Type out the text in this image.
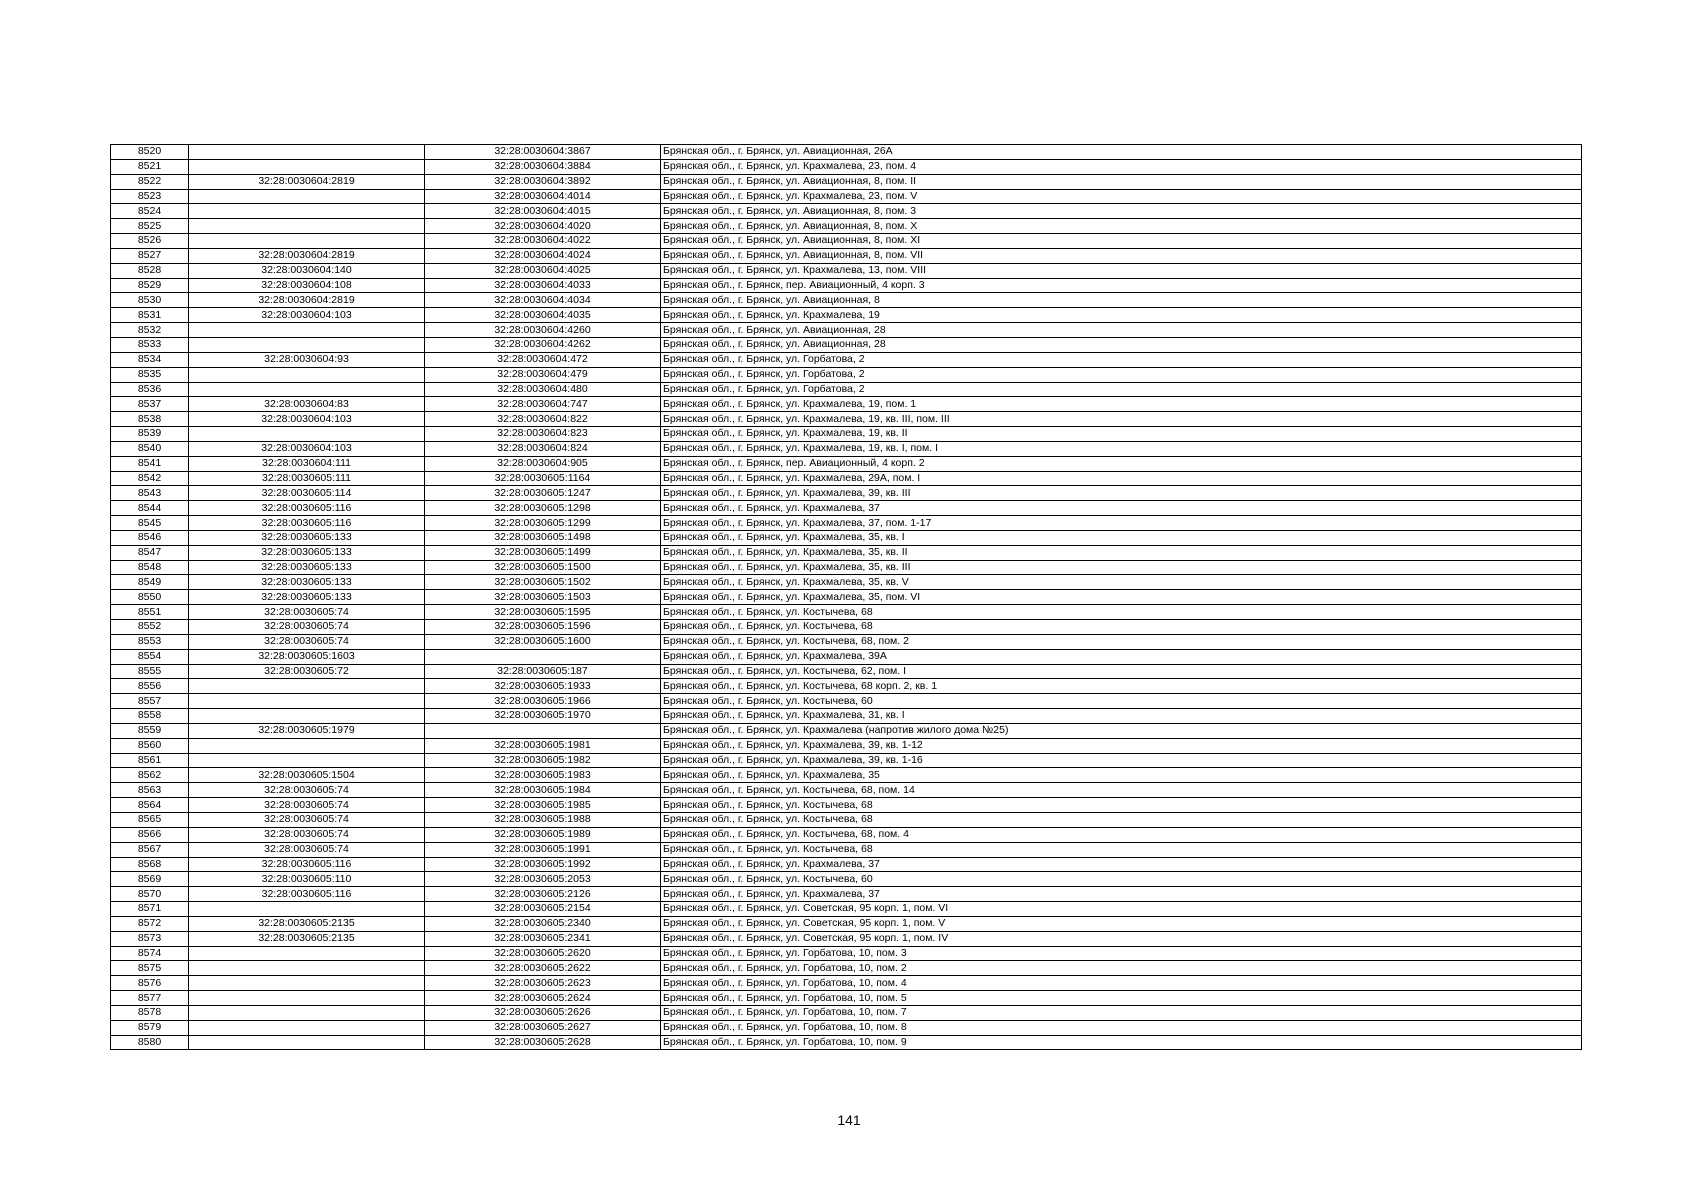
8520		32:28:0030604:3867	Брянская обл., г. Брянск, ул. Авиационная, 26А
8521		32:28:0030604:3884	Брянская обл., г. Брянск, ул. Крахмалева, 23, пом. 4
8522	32:28:0030604:2819	32:28:0030604:3892	Брянская обл., г. Брянск, ул. Авиационная, 8, пом. II
8523		32:28:0030604:4014	Брянская обл., г. Брянск, ул. Крахмалева, 23, пом. V
8524		32:28:0030604:4015	Брянская обл., г. Брянск, ул. Авиационная, 8, пом. 3
8525		32:28:0030604:4020	Брянская обл., г. Брянск, ул. Авиационная, 8, пом. X
8526		32:28:0030604:4022	Брянская обл., г. Брянск, ул. Авиационная, 8, пом. XI
8527	32:28:0030604:2819	32:28:0030604:4024	Брянская обл., г. Брянск, ул. Авиационная, 8, пом. VII
8528	32:28:0030604:140	32:28:0030604:4025	Брянская обл., г. Брянск, ул. Крахмалева, 13, пом. VIII
8529	32:28:0030604:108	32:28:0030604:4033	Брянская обл., г. Брянск, пер. Авиационный, 4 корп. 3
8530	32:28:0030604:2819	32:28:0030604:4034	Брянская обл., г. Брянск, ул. Авиационная, 8
8531	32:28:0030604:103	32:28:0030604:4035	Брянская обл., г. Брянск, ул. Крахмалева, 19
8532		32:28:0030604:4260	Брянская обл., г. Брянск, ул. Авиационная, 28
8533		32:28:0030604:4262	Брянская обл., г. Брянск, ул. Авиационная, 28
8534	32:28:0030604:93	32:28:0030604:472	Брянская обл., г. Брянск, ул. Горбатова, 2
8535		32:28:0030604:479	Брянская обл., г. Брянск, ул. Горбатова, 2
8536		32:28:0030604:480	Брянская обл., г. Брянск, ул. Горбатова, 2
8537	32:28:0030604:83	32:28:0030604:747	Брянская обл., г. Брянск, ул. Крахмалева, 19, пом. 1
8538	32:28:0030604:103	32:28:0030604:822	Брянская обл., г. Брянск, ул. Крахмалева, 19, кв. III, пом. III
8539		32:28:0030604:823	Брянская обл., г. Брянск, ул. Крахмалева, 19, кв. II
8540	32:28:0030604:103	32:28:0030604:824	Брянская обл., г. Брянск, ул. Крахмалева, 19, кв. I, пом. I
8541	32:28:0030604:111	32:28:0030604:905	Брянская обл., г. Брянск, пер. Авиационный, 4 корп. 2
8542	32:28:0030605:111	32:28:0030605:1164	Брянская обл., г. Брянск, ул. Крахмалева, 29А, пом. I
8543	32:28:0030605:114	32:28:0030605:1247	Брянская обл., г. Брянск, ул. Крахмалева, 39, кв. III
8544	32:28:0030605:116	32:28:0030605:1298	Брянская обл., г. Брянск, ул. Крахмалева, 37
8545	32:28:0030605:116	32:28:0030605:1299	Брянская обл., г. Брянск, ул. Крахмалева, 37, пом. 1-17
8546	32:28:0030605:133	32:28:0030605:1498	Брянская обл., г. Брянск, ул. Крахмалева, 35, кв. I
8547	32:28:0030605:133	32:28:0030605:1499	Брянская обл., г. Брянск, ул. Крахмалева, 35, кв. II
8548	32:28:0030605:133	32:28:0030605:1500	Брянская обл., г. Брянск, ул. Крахмалева, 35, кв. III
8549	32:28:0030605:133	32:28:0030605:1502	Брянская обл., г. Брянск, ул. Крахмалева, 35, кв. V
8550	32:28:0030605:133	32:28:0030605:1503	Брянская обл., г. Брянск, ул. Крахмалева, 35, пом. VI
8551	32:28:0030605:74	32:28:0030605:1595	Брянская обл., г. Брянск, ул. Костычева, 68
8552	32:28:0030605:74	32:28:0030605:1596	Брянская обл., г. Брянск, ул. Костычева, 68
8553	32:28:0030605:74	32:28:0030605:1600	Брянская обл., г. Брянск, ул. Костычева, 68, пом. 2
8554	32:28:0030605:1603		Брянская обл., г. Брянск, ул. Крахмалева, 39А
8555	32:28:0030605:72	32:28:0030605:187	Брянская обл., г. Брянск, ул. Костычева, 62, пом. I
8556		32:28:0030605:1933	Брянская обл., г. Брянск, ул. Костычева, 68 корп. 2, кв. 1
8557		32:28:0030605:1966	Брянская обл., г. Брянск, ул. Костычева, 60
8558		32:28:0030605:1970	Брянская обл., г. Брянск, ул. Крахмалева, 31, кв. I
8559	32:28:0030605:1979		Брянская обл., г. Брянск, ул. Крахмалева (напротив жилого дома №25)
8560		32:28:0030605:1981	Брянская обл., г. Брянск, ул. Крахмалева, 39, кв. 1-12
8561		32:28:0030605:1982	Брянская обл., г. Брянск, ул. Крахмалева, 39, кв. 1-16
8562	32:28:0030605:1504	32:28:0030605:1983	Брянская обл., г. Брянск, ул. Крахмалева, 35
8563	32:28:0030605:74	32:28:0030605:1984	Брянская обл., г. Брянск, ул. Костычева, 68, пом. 14
8564	32:28:0030605:74	32:28:0030605:1985	Брянская обл., г. Брянск, ул. Костычева, 68
8565	32:28:0030605:74	32:28:0030605:1988	Брянская обл., г. Брянск, ул. Костычева, 68
8566	32:28:0030605:74	32:28:0030605:1989	Брянская обл., г. Брянск, ул. Костычева, 68, пом. 4
8567	32:28:0030605:74	32:28:0030605:1991	Брянская обл., г. Брянск, ул. Костычева, 68
8568	32:28:0030605:116	32:28:0030605:1992	Брянская обл., г. Брянск, ул. Крахмалева, 37
8569	32:28:0030605:110	32:28:0030605:2053	Брянская обл., г. Брянск, ул. Костычева, 60
8570	32:28:0030605:116	32:28:0030605:2126	Брянская обл., г. Брянск, ул. Крахмалева, 37
8571		32:28:0030605:2154	Брянская обл., г. Брянск, ул. Советская, 95 корп. 1, пом. VI
8572	32:28:0030605:2135	32:28:0030605:2340	Брянская обл., г. Брянск, ул. Советская, 95 корп. 1, пом. V
8573	32:28:0030605:2135	32:28:0030605:2341	Брянская обл., г. Брянск, ул. Советская, 95 корп. 1, пом. IV
8574		32:28:0030605:2620	Брянская обл., г. Брянск, ул. Горбатова, 10, пом. 3
8575		32:28:0030605:2622	Брянская обл., г. Брянск, ул. Горбатова, 10, пом. 2
8576		32:28:0030605:2623	Брянская обл., г. Брянск, ул. Горбатова, 10, пом. 4
8577		32:28:0030605:2624	Брянская обл., г. Брянск, ул. Горбатова, 10, пом. 5
8578		32:28:0030605:2626	Брянская обл., г. Брянск, ул. Горбатова, 10, пом. 7
8579		32:28:0030605:2627	Брянская обл., г. Брянск, ул. Горбатова, 10, пом. 8
8580		32:28:0030605:2628	Брянская обл., г. Брянск, ул. Горбатова, 10, пом. 9
141
